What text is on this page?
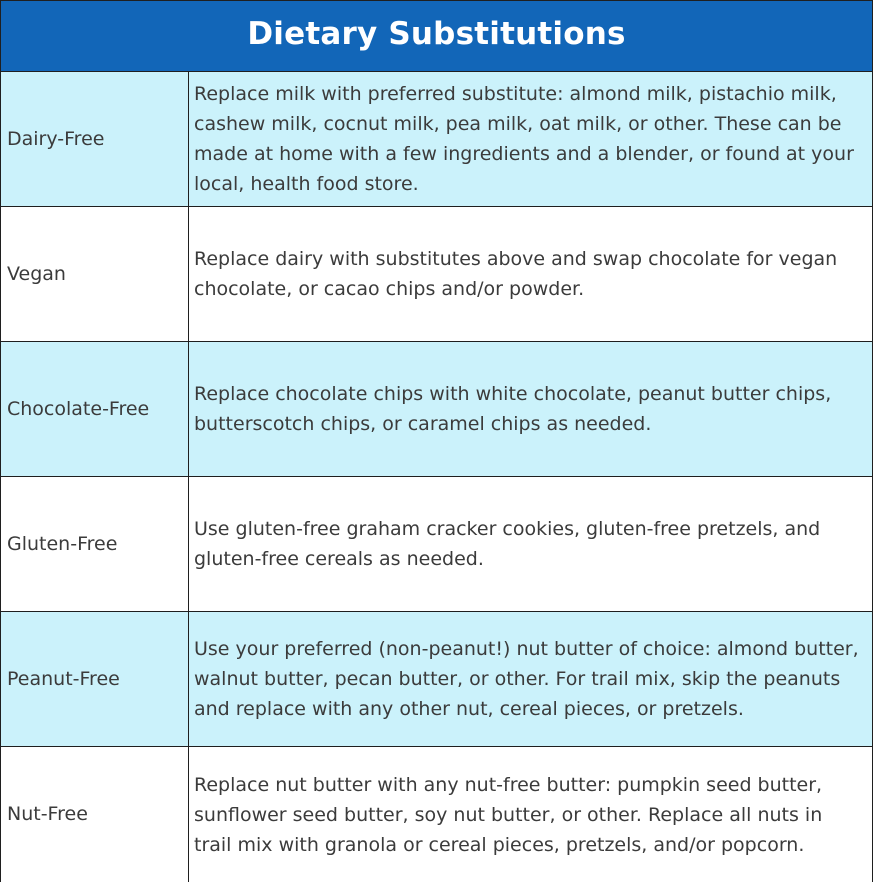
Dietary Substitutions
Dairy-Free
Replace milk with preferred substitute: almond milk, pistachio milk, cashew milk, cocnut milk, pea milk, oat milk, or other. These can be made at home with a few ingredients and a blender, or found at your local, health food store.
Vegan
Replace dairy with substitutes above and swap chocolate for vegan chocolate, or cacao chips and/or powder.
Chocolate-Free
Replace chocolate chips with white chocolate, peanut butter chips, butterscotch chips, or caramel chips as needed.
Gluten-Free
Use gluten-free graham cracker cookies, gluten-free pretzels, and gluten-free cereals as needed.
Peanut-Free
Use your preferred (non-peanut!) nut butter of choice: almond butter, walnut butter, pecan butter, or other. For trail mix, skip the peanuts and replace with any other nut, cereal pieces, or pretzels.
Nut-Free
Replace nut butter with any nut-free butter: pumpkin seed butter, sunflower seed butter, soy nut butter, or other. Replace all nuts in trail mix with granola or cereal pieces, pretzels, and/or popcorn.
